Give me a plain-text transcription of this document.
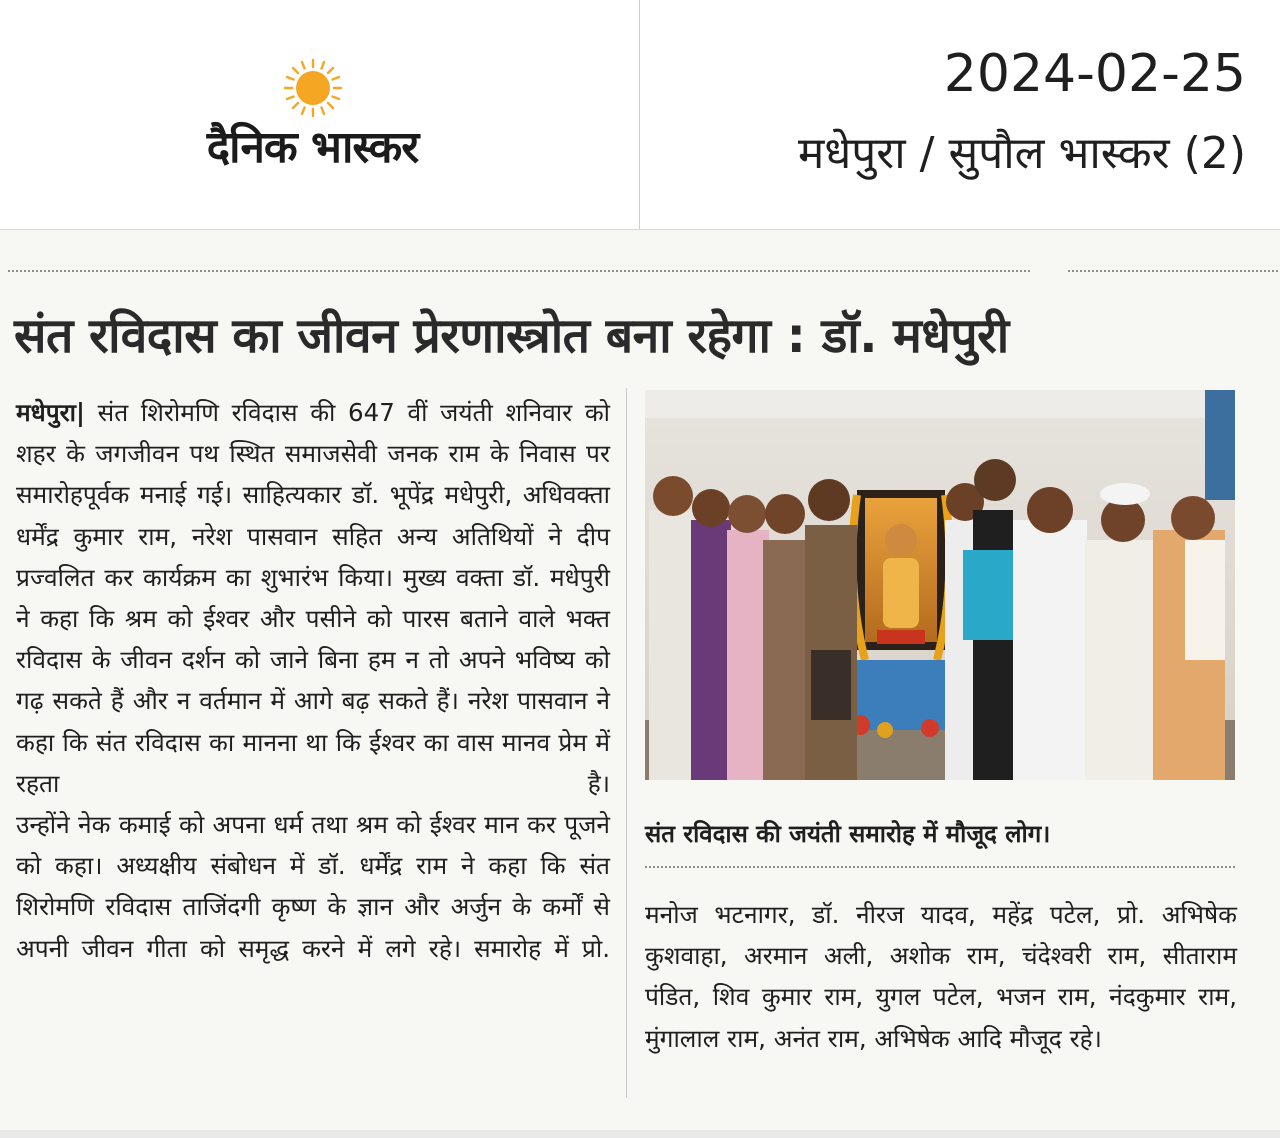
दैनिक भास्कर
2024-02-25
मधेपुरा / सुपौल भास्कर (2)
संत रविदास का जीवन प्रेरणास्त्रोत बना रहेगा : डॉ. मधेपुरी

मधेपुरा| संत शिरोमणि रविदास की 647 वीं जयंती शनिवार को शहर के जगजीवन पथ स्थित समाजसेवी जनक राम के निवास पर समारोहपूर्वक मनाई गई। साहित्यकार डॉ. भूपेंद्र मधेपुरी, अधिवक्ता धर्मेंद्र कुमार राम, नरेश पासवान सहित अन्य अतिथियों ने दीप प्रज्वलित कर कार्यक्रम का शुभारंभ किया। मुख्य वक्ता डॉ. मधेपुरी ने कहा कि श्रम को ईश्वर और पसीने को पारस बताने वाले भक्त रविदास के जीवन दर्शन को जाने बिना हम न तो अपने भविष्य को गढ़ सकते हैं और न वर्तमान में आगे बढ़ सकते हैं। नरेश पासवान ने कहा कि संत रविदास का मानना था कि ईश्वर का वास मानव प्रेम में रहता है।

उन्होंने नेक कमाई को अपना धर्म तथा श्रम को ईश्वर मान कर पूजने को कहा। अध्यक्षीय संबोधन में डॉ. धर्मेंद्र राम ने कहा कि संत शिरोमणि रविदास ताजिंदगी कृष्ण के ज्ञान और अर्जुन के कर्मों से अपनी जीवन गीता को समृद्ध करने में लगे रहे। समारोह में प्रो.

संत रविदास की जयंती समारोह में मौजूद लोग।
मनोज भटनागर, डॉ. नीरज यादव, महेंद्र पटेल, प्रो. अभिषेक कुशवाहा, अरमान अली, अशोक राम, चंदेश्वरी राम, सीताराम पंडित, शिव कुमार राम, युगल पटेल, भजन राम, नंदकुमार राम, मुंगालाल राम, अनंत राम, अभिषेक आदि मौजूद रहे।
